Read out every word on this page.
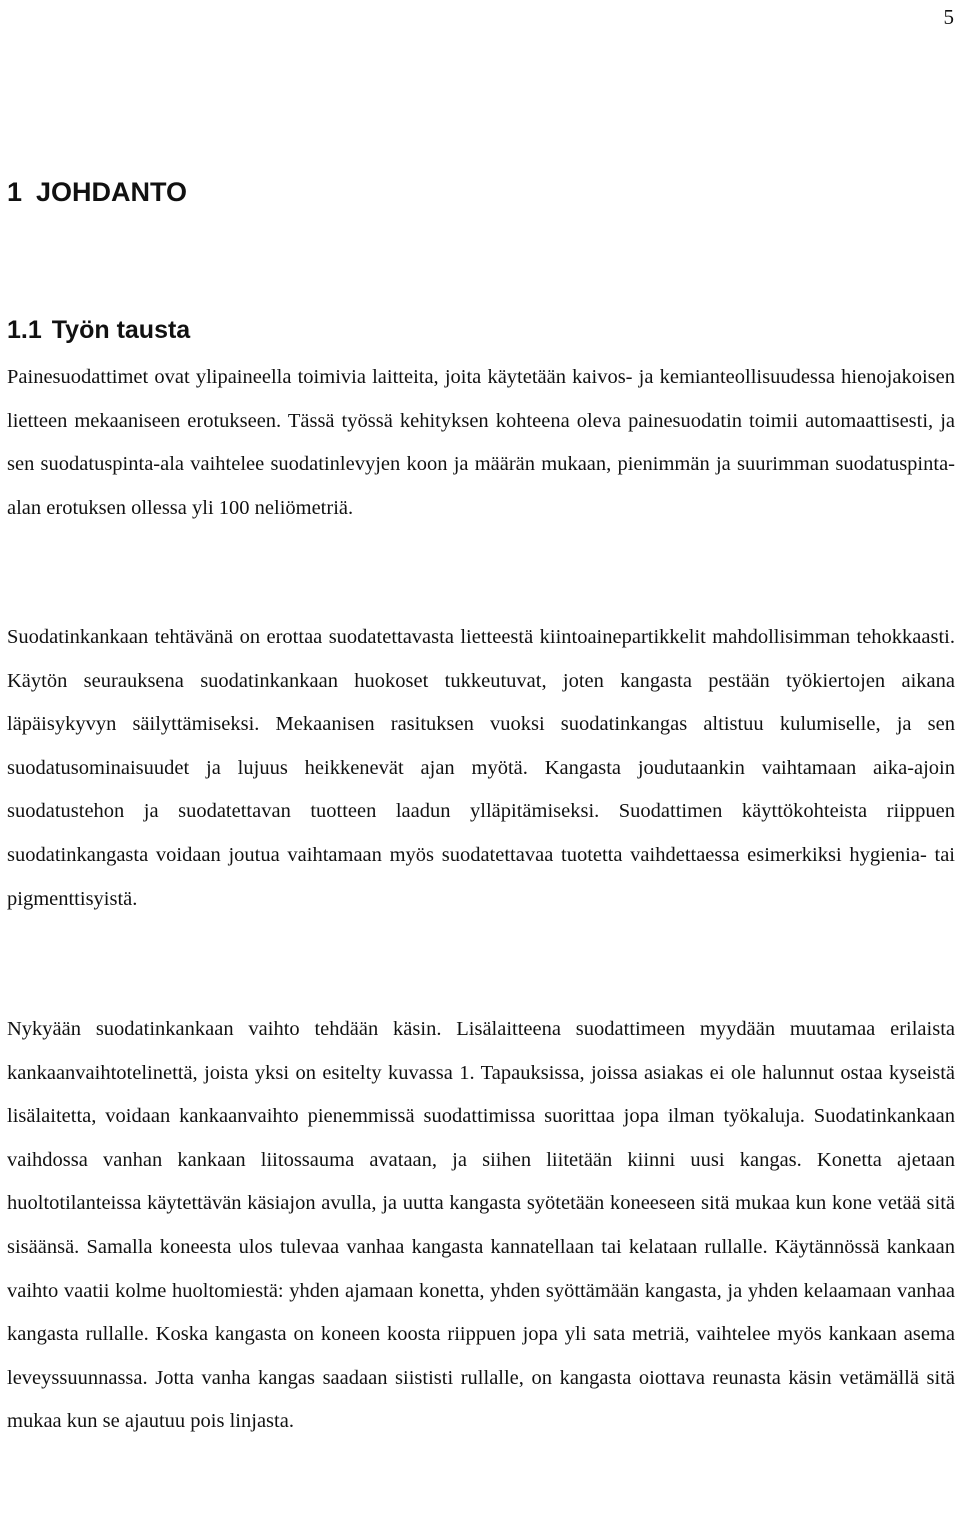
5
1 JOHDANTO
1.1 Työn tausta

Painesuodattimet ovat ylipaineella toimivia laitteita, joita käytetään kaivos- ja kemianteollisuudessa hienojakoisen lietteen mekaaniseen erotukseen. Tässä työssä kehityksen kohteena oleva painesuodatin toimii automaattisesti, ja sen suodatuspinta-ala vaihtelee suodatinlevyjen koon ja määrän mukaan, pienimmän ja suurimman suodatuspinta-alan erotuksen ollessa yli 100 neliömetriä.

Suodatinkankaan tehtävänä on erottaa suodatettavasta lietteestä kiintoainepartikkelit mahdollisimman tehokkaasti. Käytön seurauksena suodatinkankaan huokoset tukkeutuvat, joten kangasta pestään työkiertojen aikana läpäisykyvyn säilyttämiseksi. Mekaanisen rasituksen vuoksi suodatinkangas altistuu kulumiselle, ja sen suodatusominaisuudet ja lujuus heikkenevät ajan myötä. Kangasta joudutaankin vaihtamaan aika-ajoin suodatustehon ja suodatettavan tuotteen laadun ylläpitämiseksi. Suodattimen käyttökohteista riippuen suodatinkangasta voidaan joutua vaihtamaan myös suodatettavaa tuotetta vaihdettaessa esimerkiksi hygienia- tai pigmenttisyistä.

Nykyään suodatinkankaan vaihto tehdään käsin. Lisälaitteena suodattimeen myydään muutamaa erilaista kankaanvaihtotelinettä, joista yksi on esitelty kuvassa 1. Tapauksissa, joissa asiakas ei ole halunnut ostaa kyseistä lisälaitetta, voidaan kankaanvaihto pienemmissä suodattimissa suorittaa jopa ilman työkaluja. Suodatinkankaan vaihdossa vanhan kankaan liitossauma avataan, ja siihen liitetään kiinni uusi kangas. Konetta ajetaan huoltotilanteissa käytettävän käsiajon avulla, ja uutta kangasta syötetään koneeseen sitä mukaa kun kone vetää sitä sisäänsä. Samalla koneesta ulos tulevaa vanhaa kangasta kannatellaan tai kelataan rullalle. Käytännössä kankaan vaihto vaatii kolme huoltomiestä: yhden ajamaan konetta, yhden syöttämään kangasta, ja yhden kelaamaan vanhaa kangasta rullalle. Koska kangasta on koneen koosta riippuen jopa yli sata metriä, vaihtelee myös kankaan asema leveyssuunnassa. Jotta vanha kangas saadaan siististi rullalle, on kangasta oiottava reunasta käsin vetämällä sitä mukaa kun se ajautuu pois linjasta.
